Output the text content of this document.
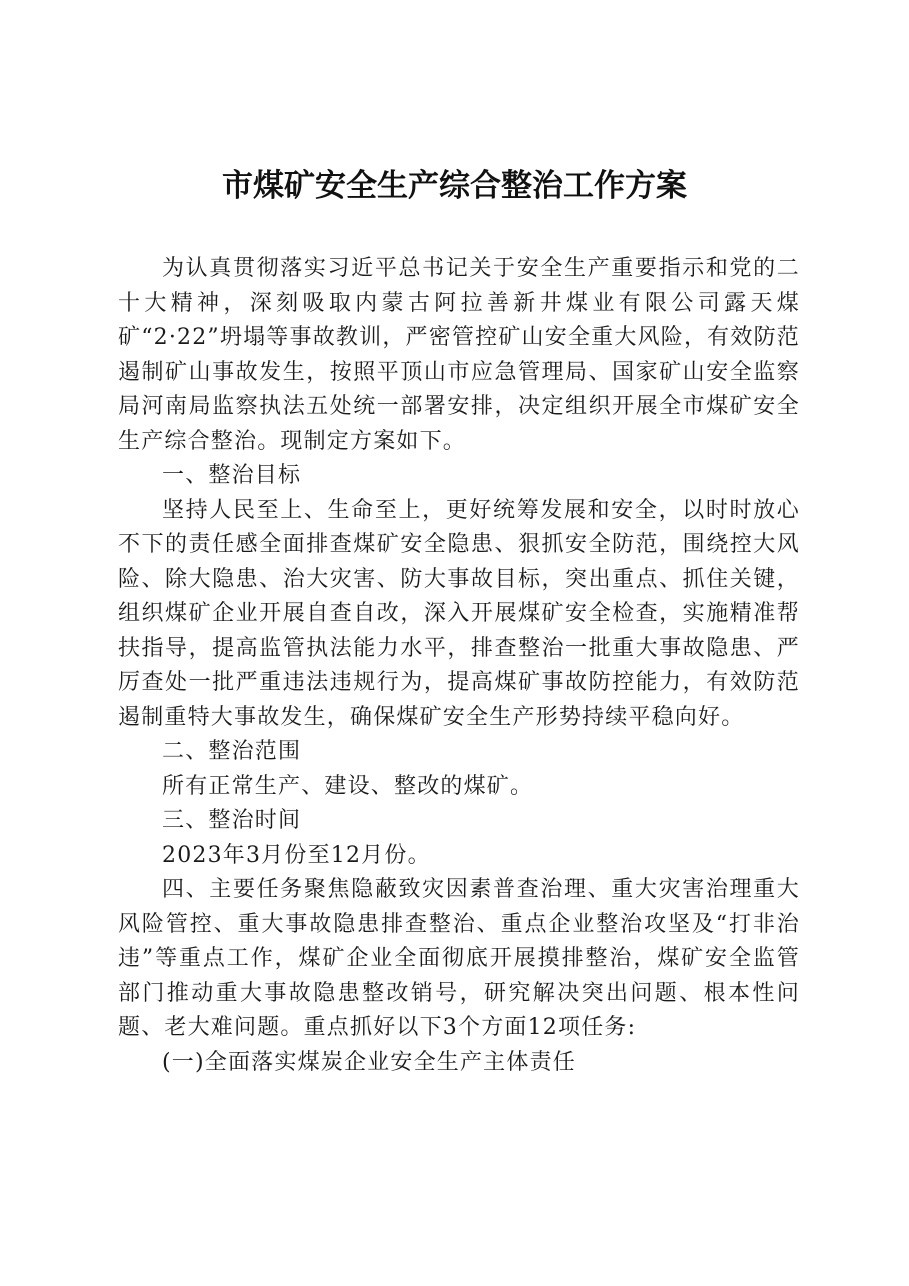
市煤矿安全生产综合整治工作方案

为认真贯彻落实习近平总书记关于安全生产重要指示和党的二十大精神，深刻吸取内蒙古阿拉善新井煤业有限公司露天煤矿“2·22”坍塌等事故教训，严密管控矿山安全重大风险，有效防范遏制矿山事故发生，按照平顶山市应急管理局、国家矿山安全监察局河南局监察执法五处统一部署安排，决定组织开展全市煤矿安全生产综合整治。现制定方案如下。

一、整治目标

坚持人民至上、生命至上，更好统筹发展和安全，以时时放心不下的责任感全面排查煤矿安全隐患、狠抓安全防范，围绕控大风险、除大隐患、治大灾害、防大事故目标，突出重点、抓住关键，组织煤矿企业开展自查自改，深入开展煤矿安全检查，实施精准帮扶指导，提高监管执法能力水平，排查整治一批重大事故隐患、严厉查处一批严重违法违规行为，提高煤矿事故防控能力，有效防范遏制重特大事故发生，确保煤矿安全生产形势持续平稳向好。

二、整治范围

所有正常生产、建设、整改的煤矿。

三、整治时间

2023年3月份至12月份。

四、主要任务聚焦隐蔽致灾因素普查治理、重大灾害治理重大风险管控、重大事故隐患排查整治、重点企业整治攻坚及“打非治违”等重点工作，煤矿企业全面彻底开展摸排整治，煤矿安全监管部门推动重大事故隐患整改销号，研究解决突出问题、根本性问题、老大难问题。重点抓好以下3个方面12项任务:

(一)全面落实煤炭企业安全生产主体责任
